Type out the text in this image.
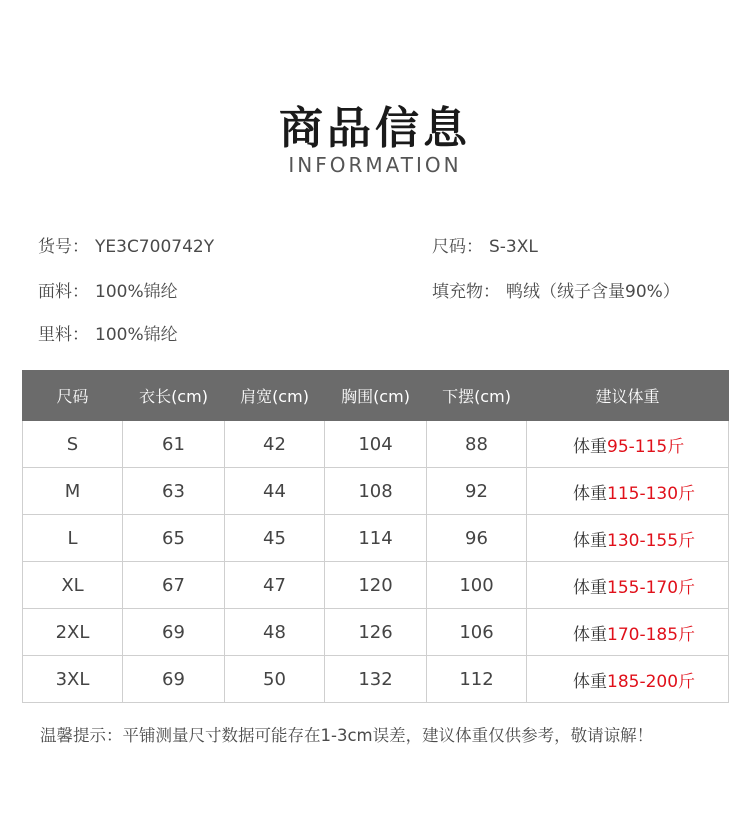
商品信息
INFORMATION
货号： YE3C700742Y	尺码： S-3XL
面料： 100%锦纶	填充物： 鸭绒（绒子含量90%）
里料： 100%锦纶
尺码	衣长(cm)	肩宽(cm)	胸围(cm)	下摆(cm)	建议体重
S	61	42	104	88	体重95-115斤
M	63	44	108	92	体重115-130斤
L	65	45	114	96	体重130-155斤
XL	67	47	120	100	体重155-170斤
2XL	69	48	126	106	体重170-185斤
3XL	69	50	132	112	体重185-200斤
温馨提示：平铺测量尺寸数据可能存在1-3cm误差，建议体重仅供参考，敬请谅解！
